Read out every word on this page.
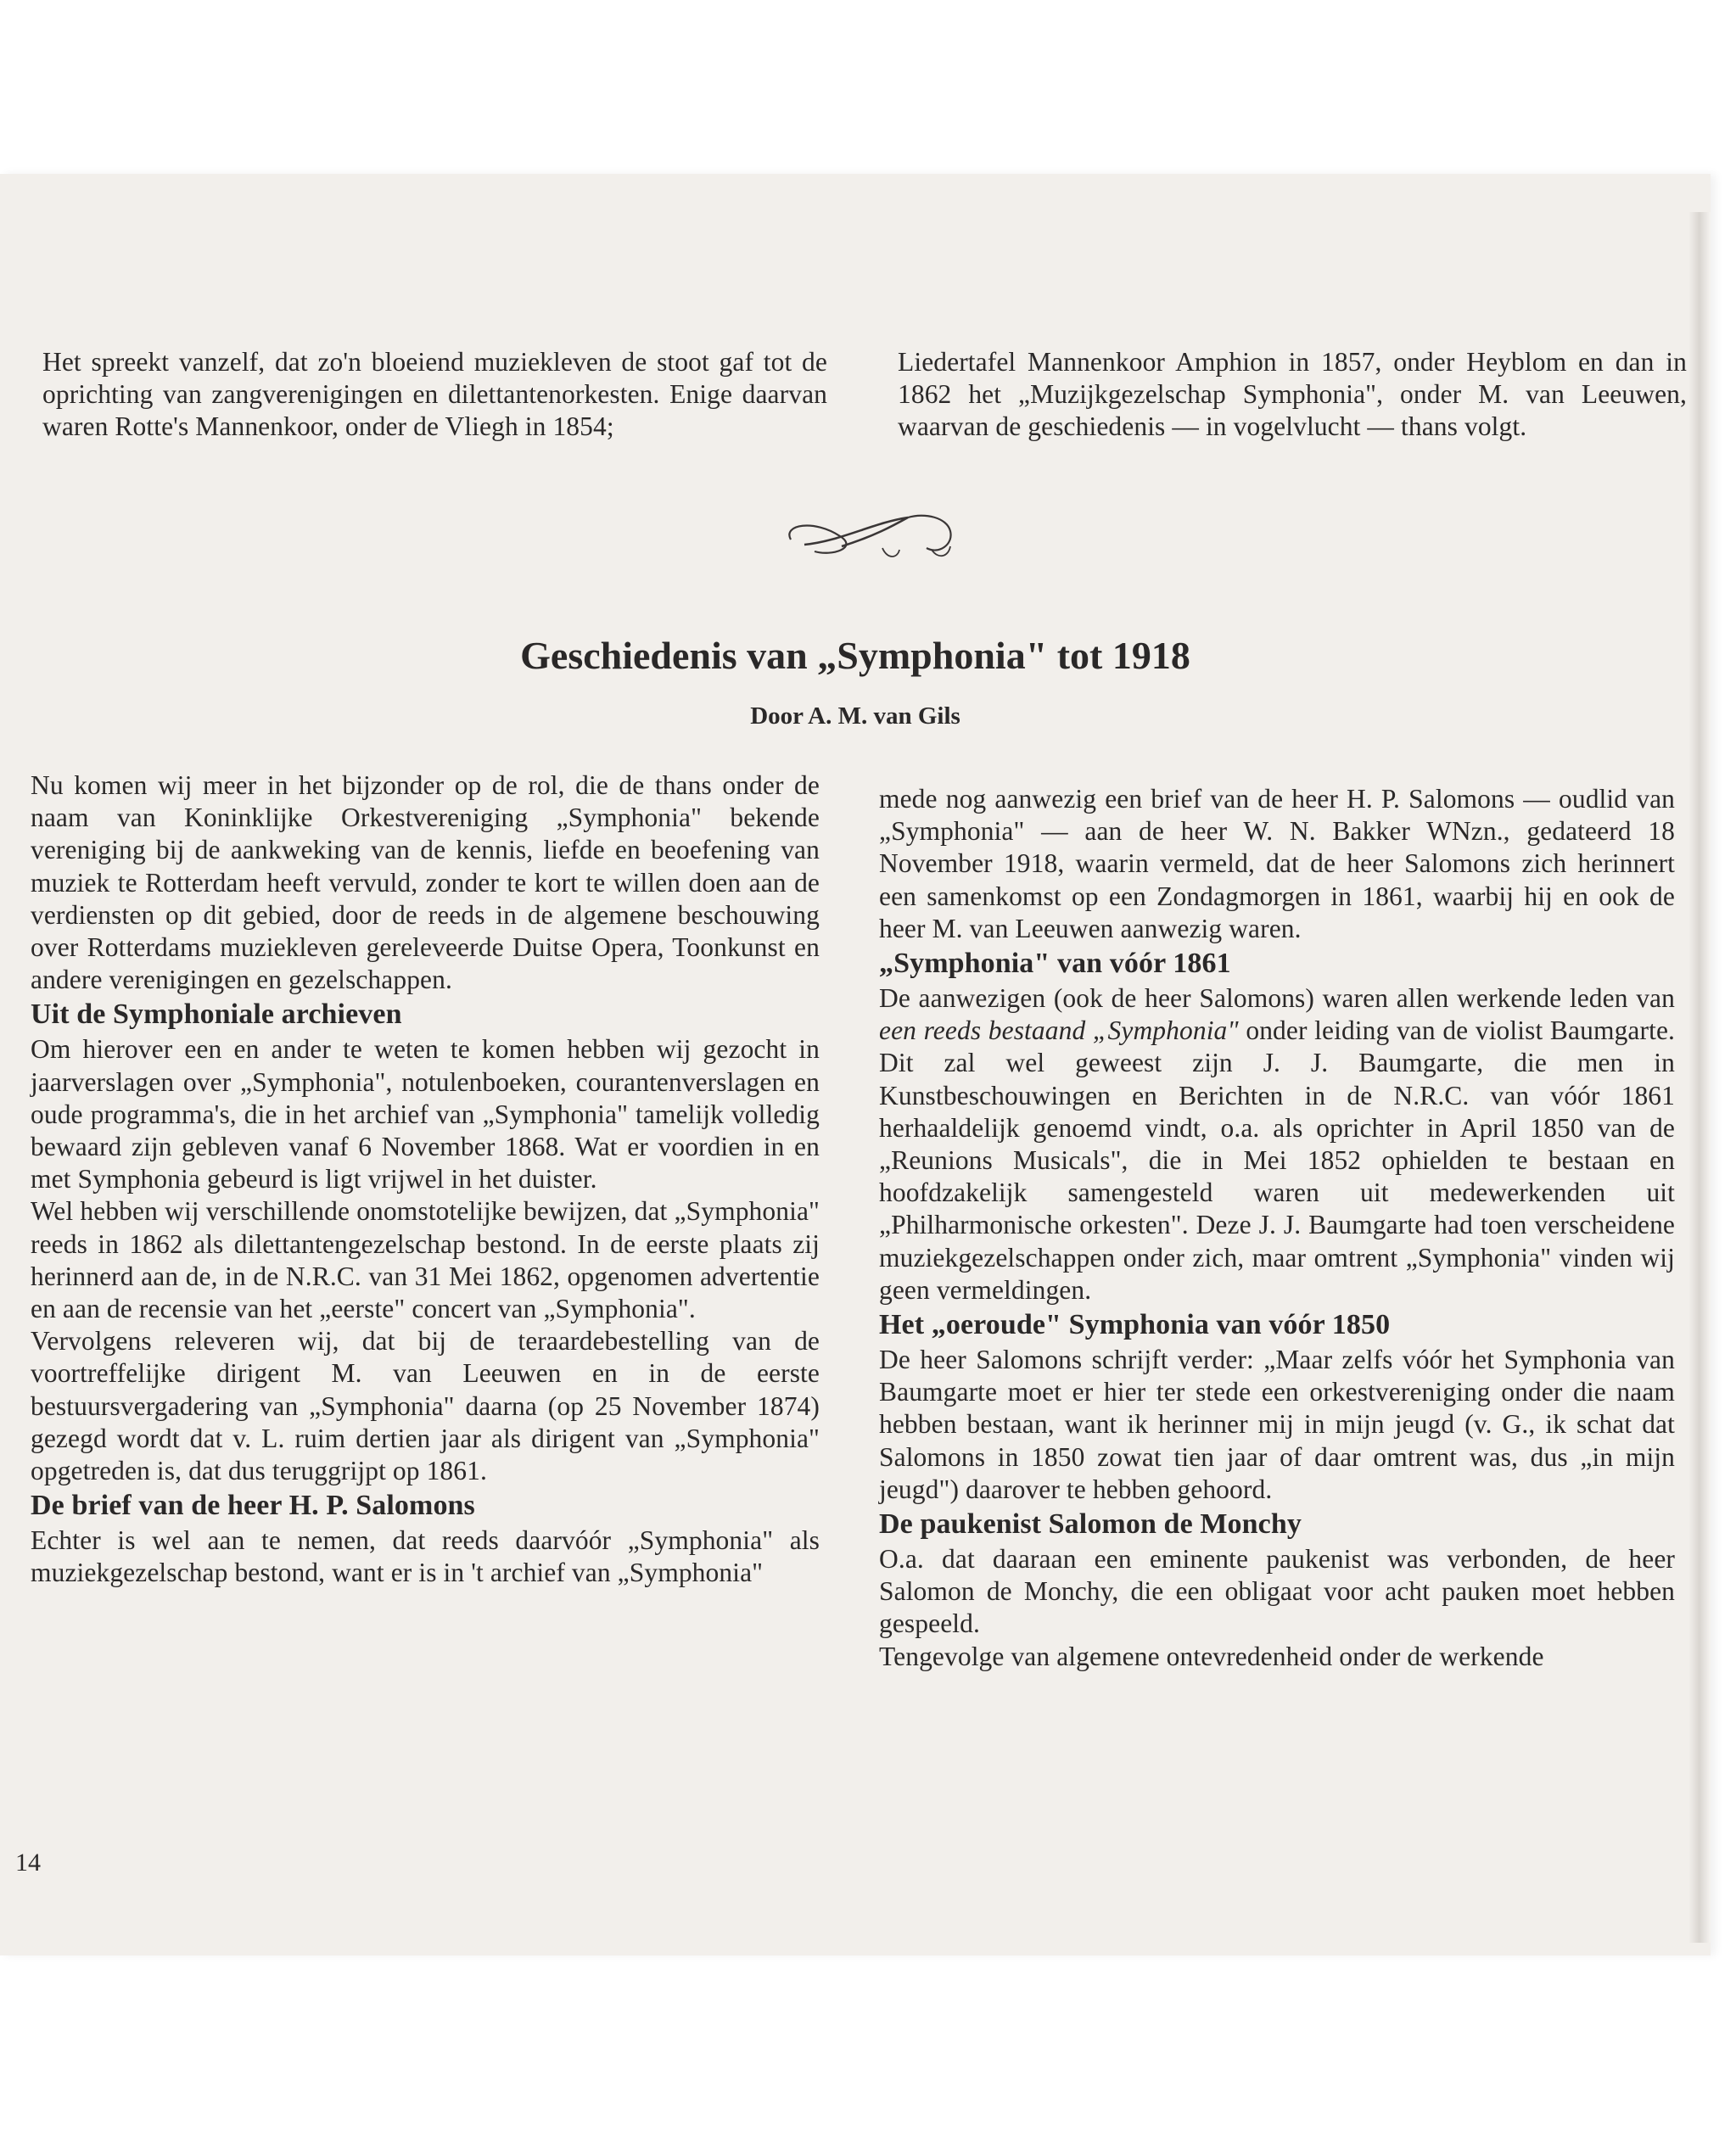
Het spreekt vanzelf, dat zo'n bloeiend muziekleven de stoot gaf tot de oprichting van zangverenigingen en dilettantenorkesten. Enige daarvan waren Rotte's Mannenkoor, onder de Vliegh in 1854;

Liedertafel Mannenkoor Amphion in 1857, onder Heyblom en dan in 1862 het „Muzijkgezelschap Symphonia", onder M. van Leeuwen, waarvan de geschiedenis — in vogelvlucht — thans volgt.

Geschiedenis van „Symphonia" tot 1918

Door A. M. van Gils

Nu komen wij meer in het bijzonder op de rol, die de thans onder de naam van Koninklijke Orkestvereniging „Symphonia" bekende vereniging bij de aankweking van de kennis, liefde en beoefening van muziek te Rotterdam heeft vervuld, zonder te kort te willen doen aan de verdiensten op dit gebied, door de reeds in de algemene beschouwing over Rotterdams muziekleven gereleveerde Duitse Opera, Toonkunst en andere verenigingen en gezelschappen.

Uit de Symphoniale archieven

Om hierover een en ander te weten te komen hebben wij gezocht in jaarverslagen over „Symphonia", notulenboeken, courantenverslagen en oude programma's, die in het archief van „Symphonia" tamelijk volledig bewaard zijn gebleven vanaf 6 November 1868. Wat er voordien in en met Symphonia gebeurd is ligt vrijwel in het duister.

Wel hebben wij verschillende onomstotelijke bewijzen, dat „Symphonia" reeds in 1862 als dilettantengezelschap bestond. In de eerste plaats zij herinnerd aan de, in de N.R.C. van 31 Mei 1862, opgenomen advertentie en aan de recensie van het „eerste" concert van „Symphonia".

Vervolgens releveren wij, dat bij de teraardebestelling van de voortreffelijke dirigent M. van Leeuwen en in de eerste bestuursvergadering van „Symphonia" daarna (op 25 November 1874) gezegd wordt dat v. L. ruim dertien jaar als dirigent van „Symphonia" opgetreden is, dat dus teruggrijpt op 1861.

De brief van de heer H. P. Salomons

Echter is wel aan te nemen, dat reeds daarvóór „Symphonia" als muziekgezelschap bestond, want er is in 't archief van „Symphonia"

mede nog aanwezig een brief van de heer H. P. Salomons — oudlid van „Symphonia" — aan de heer W. N. Bakker WNzn., gedateerd 18 November 1918, waarin vermeld, dat de heer Salomons zich herinnert een samenkomst op een Zondagmorgen in 1861, waarbij hij en ook de heer M. van Leeuwen aanwezig waren.

„Symphonia" van vóór 1861

De aanwezigen (ook de heer Salomons) waren allen werkende leden van een reeds bestaand „Symphonia" onder leiding van de violist Baumgarte. Dit zal wel geweest zijn J. J. Baumgarte, die men in Kunstbeschouwingen en Berichten in de N.R.C. van vóór 1861 herhaaldelijk genoemd vindt, o.a. als oprichter in April 1850 van de „Reunions Musicals", die in Mei 1852 ophielden te bestaan en hoofdzakelijk samengesteld waren uit medewerkenden uit „Philharmonische orkesten". Deze J. J. Baumgarte had toen verscheidene muziekgezelschappen onder zich, maar omtrent „Symphonia" vinden wij geen vermeldingen.

Het „oeroude" Symphonia van vóór 1850

De heer Salomons schrijft verder: „Maar zelfs vóór het Symphonia van Baumgarte moet er hier ter stede een orkestvereniging onder die naam hebben bestaan, want ik herinner mij in mijn jeugd (v. G., ik schat dat Salomons in 1850 zowat tien jaar of daar omtrent was, dus „in mijn jeugd") daarover te hebben gehoord.

De paukenist Salomon de Monchy

O.a. dat daaraan een eminente paukenist was verbonden, de heer Salomon de Monchy, die een obligaat voor acht pauken moet hebben gespeeld.

Tengevolge van algemene ontevredenheid onder de werkende

14
